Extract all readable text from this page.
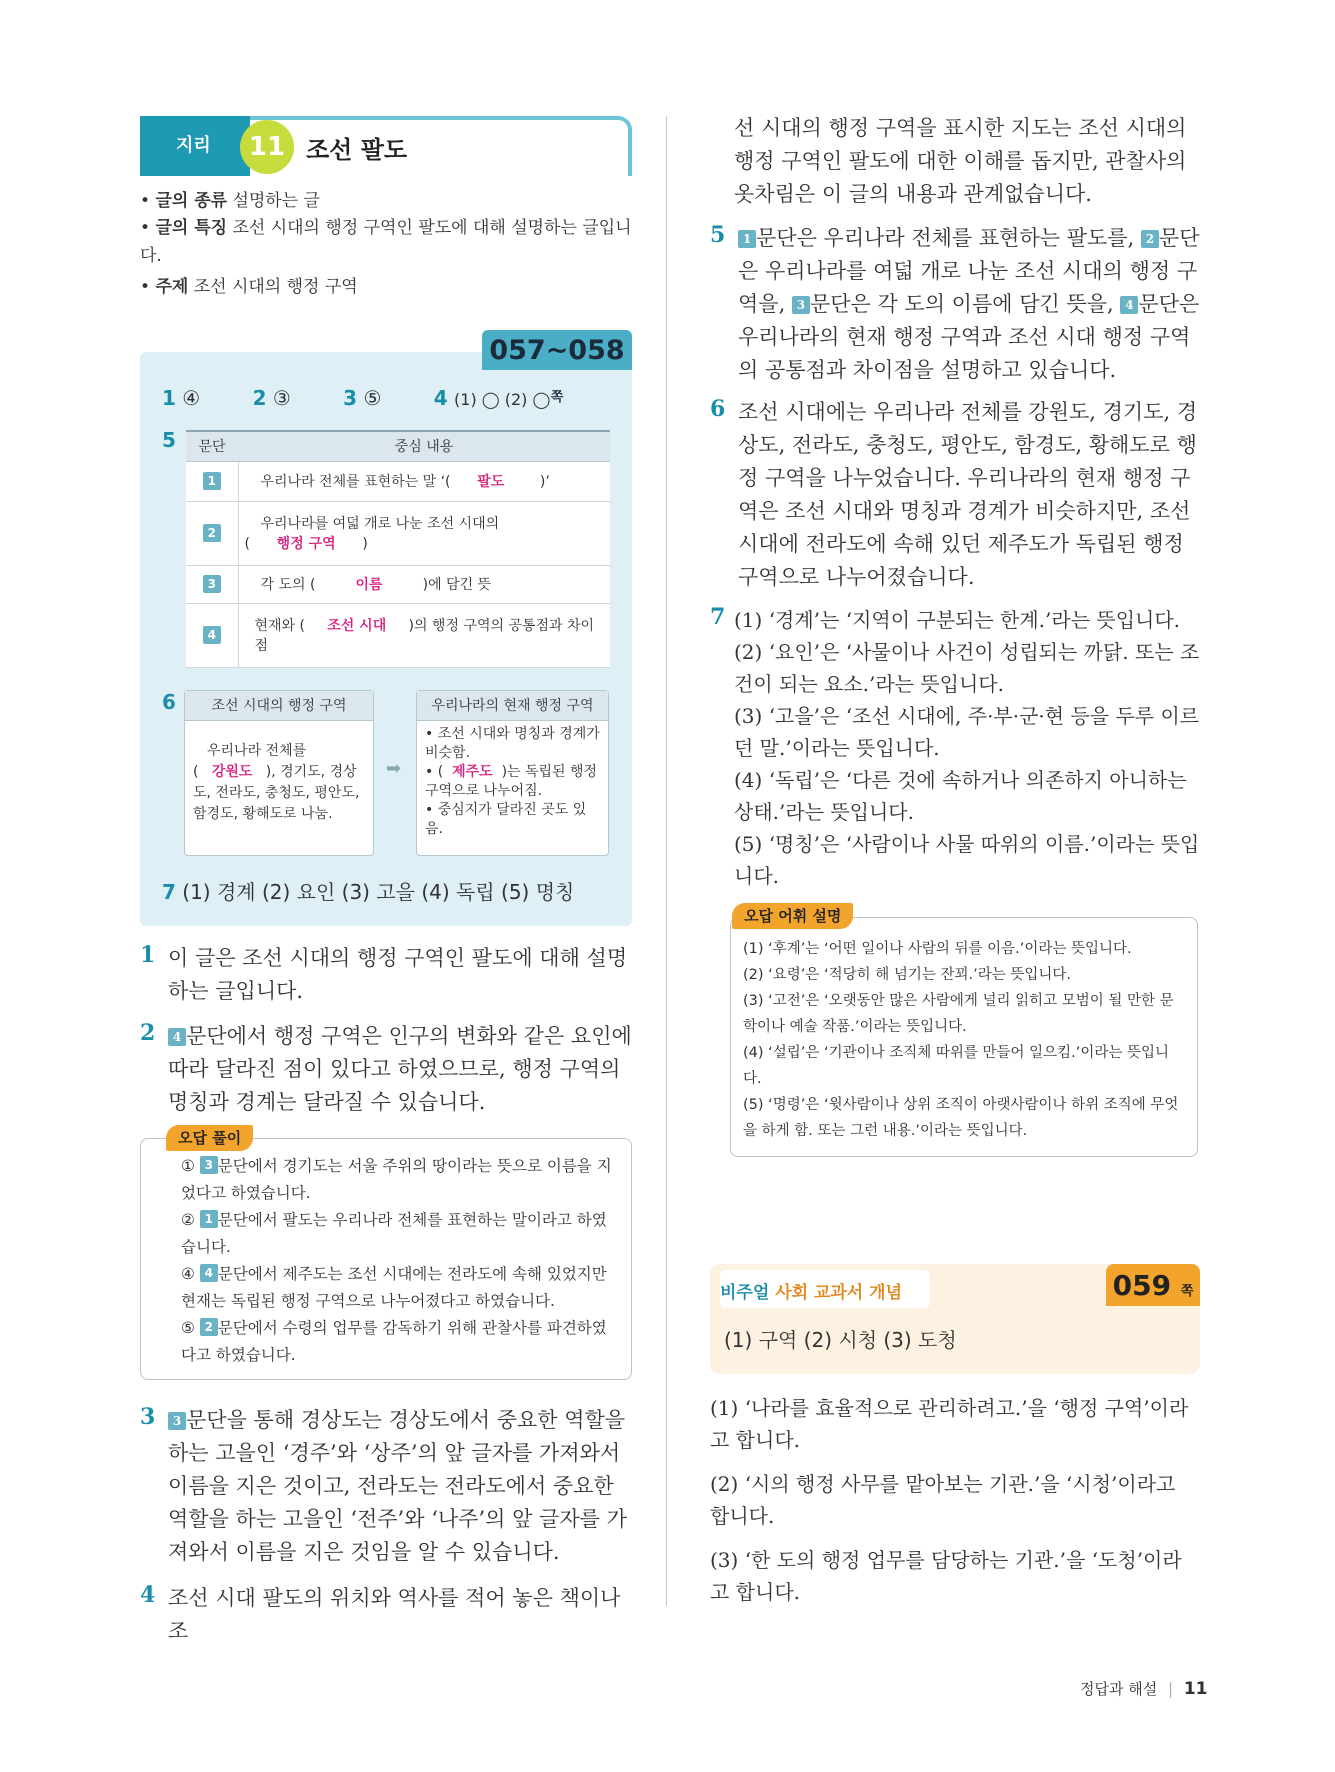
지리	11 조선 팔도
• 글의 종류 설명하는 글
• 글의 특징 조선 시대의 행정 구역인 팔도에 대해 설명하는 글입니다.
• 주제 조선 시대의 행정 구역
057~058 쪽
1 ④	2 ③	3 ⑤	4 (1) ◯ (2) ◯
5 문단	중심 내용
1	우리나라 전체를 표현하는 말 ‘( 팔도 )’
2	우리나라를 여덟 개로 나눈 조선 시대의
(      행정 구역      )

3	각 도의 ( 이름 )에 담긴 뜻
4	현재와 ( 조선 시대 )의 행정 구역의 공통점과 차이점
6	조선 시대의 행정 구역
우리나라 전체를
(   강원도 ), 경기도, 경상도, 전라도, 충청도, 평안도, 함경도, 황해도로 나눔.
➡
우리나라의 현재 행정 구역
• 조선 시대와 명칭과 경계가 비슷함.
• ( 제주도 )는 독립된 행정 구역으로 나누어짐.
• 중심지가 달라진 곳도 있음.
7 (1) 경계 (2) 요인 (3) 고을 (4) 독립 (5) 명칭
1 이 글은 조선 시대의 행정 구역인 팔도에 대해 설명하는 글입니다.
2	4 문단에서 행정 구역은 인구의 변화와 같은 요인에 따라 달라진 점이 있다고 하였으므로, 행정 구역의 명칭과 경계는 달라질 수 있습니다.
① 3 문단에서 경기도는 서울 주위의 땅이라는 뜻으로 이름을 지었다고 하였습니다.
② 1 문단에서 팔도는 우리나라 전체를 표현하는 말이라고 하였습니다.
④ 4 문단에서 제주도는 조선 시대에는 전라도에 속해 있었지만 현재는 독립된 행정 구역으로 나누어졌다고 하였습니다.
⑤ 2 문단에서 수령의 업무를 감독하기 위해 관찰사를 파견하였다고 하였습니다.
오답 풀이
3	3 문단을 통해 경상도는 경상도에서 중요한 역할을 하는 고을인 ‘경주’와 ‘상주’의 앞 글자를 가져와서 이름을 지은 것이고, 전라도는 전라도에서 중요한 역할을 하는 고을인 ‘전주’와 ‘나주’의 앞 글자를 가져와서 이름을 지은 것임을 알 수 있습니다.
4 조선 시대 팔도의 위치와 역사를 적어 놓은 책이나 조
선 시대의 행정 구역을 표시한 지도는 조선 시대의 행정 구역인 팔도에 대한 이해를 돕지만, 관찰사의 옷차림은 이 글의 내용과 관계없습니다.
5	1 문단은 우리나라 전체를 표현하는 팔도를, 2 문단은 우리나라를 여덟 개로 나눈 조선 시대의 행정 구역을, 3 문단은 각 도의 이름에 담긴 뜻을, 4 문단은 우리나라의 현재 행정 구역과 조선 시대 행정 구역의 공통점과 차이점을 설명하고 있습니다.
6 조선 시대에는 우리나라 전체를 강원도, 경기도, 경상도, 전라도, 충청도, 평안도, 함경도, 황해도로 행정 구역을 나누었습니다. 우리나라의 현재 행정 구역은 조선 시대와 명칭과 경계가 비슷하지만, 조선 시대에 전라도에 속해 있던 제주도가 독립된 행정 구역으로 나누어졌습니다.
7 (1) ‘경계’는 ‘지역이 구분되는 한계.’라는 뜻입니다.
(2) ‘요인’은 ‘사물이나 사건이 성립되는 까닭. 또는 조건이 되는 요소.’라는 뜻입니다.
(3) ‘고을’은 ‘조선 시대에, 주·부·군·현 등을 두루 이르던 말.’이라는 뜻입니다.
(4) ‘독립’은 ‘다른 것에 속하거나 의존하지 아니하는 상태.’라는 뜻입니다.
(5) ‘명칭’은 ‘사람이나 사물 따위의 이름.’이라는 뜻입니다.
(1) ‘후계’는 ‘어떤 일이나 사람의 뒤를 이음.’이라는 뜻입니다.
(2) ‘요령’은 ‘적당히 해 넘기는 잔꾀.’라는 뜻입니다.
(3) ‘고전’은 ‘오랫동안 많은 사람에게 널리 읽히고 모범이 될 만한 문학이나 예술 작품.’이라는 뜻입니다.
(4) ‘설립’은 ‘기관이나 조직체 따위를 만들어 일으킴.’이라는 뜻입니다.
(5) ‘명령’은 ‘윗사람이나 상위 조직이 아랫사람이나 하위 조직에 무엇을 하게 함. 또는 그런 내용.’이라는 뜻입니다.
오답 어휘 설명
비주얼 사회 교과서 개념	059 쪽
(1) 구역 (2) 시청 (3) 도청
(1) ‘나라를 효율적으로 관리하려고.’을 ‘행정 구역’이라고 합니다.
(2) ‘시의 행정 사무를 맡아보는 기관.’을 ‘시청’이라고 합니다.
(3) ‘한 도의 행정 업무를 담당하는 기관.’을 ‘도청’이라고 합니다.
정답과 해설 | 11
